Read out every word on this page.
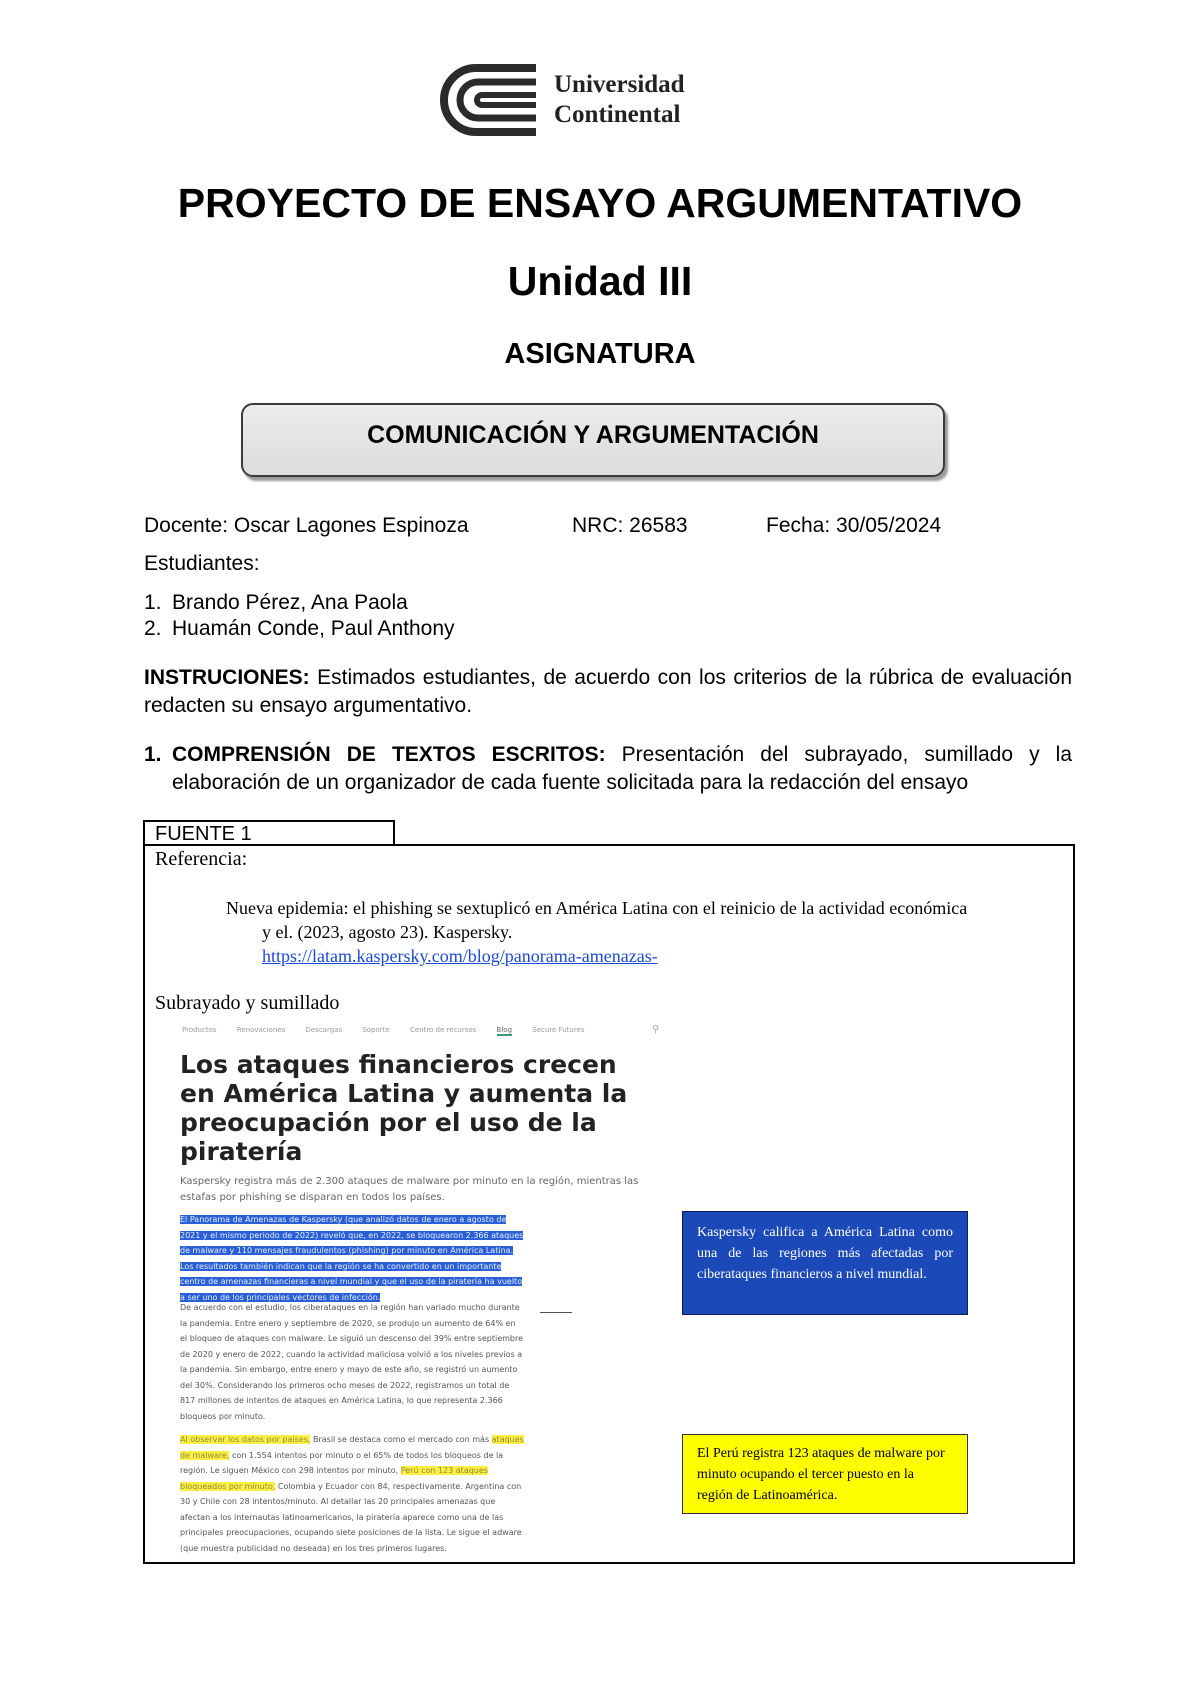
Universidad
Continental
PROYECTO DE ENSAYO ARGUMENTATIVO
Unidad III
ASIGNATURA
COMUNICACIÓN Y ARGUMENTACIÓN
Docente: Oscar Lagones Espinoza	NRC: 26583	Fecha: 30/05/2024
Estudiantes:
1. Brando Pérez, Ana Paola
2. Huamán Conde, Paul Anthony
INSTRUCIONES: Estimados estudiantes, de acuerdo con los criterios de la rúbrica de evaluación redacten su ensayo argumentativo.
1. COMPRENSIÓN DE TEXTOS ESCRITOS: Presentación del subrayado, sumillado y la elaboración de un organizador de cada fuente solicitada para la redacción del ensayo
FUENTE 1
Referencia:
Nueva epidemia: el phishing se sextuplicó en América Latina con el reinicio de la actividad económica
y el. (2023, agosto 23). Kaspersky.
https://latam.kaspersky.com/blog/panorama-amenazas-
Subrayado y sumillado
Productos	Renovaciones	Descargas	Soporte	Centro de recursos	Blog	Secure Futures	⚲
Los ataques financieros crecen en América Latina y aumenta la preocupación por el uso de la piratería
Kaspersky registra más de 2.300 ataques de malware por minuto en la región, mientras las estafas por phishing se disparan en todos los países.
El Panorama de Amenazas de Kaspersky (que analizó datos de enero a agosto de 2021 y el mismo periodo de 2022) reveló que, en 2022, se bloquearon 2.366 ataques de malware y 110 mensajes fraudulentos (phishing) por minuto en América Latina. Los resultados también indican que la región se ha convertido en un importante centro de amenazas financieras a nivel mundial y que el uso de la piratería ha vuelto a ser uno de los principales vectores de infección.
De acuerdo con el estudio, los ciberataques en la región han variado mucho durante la pandemia. Entre enero y septiembre de 2020, se produjo un aumento de 64% en el bloqueo de ataques con malware. Le siguió un descenso del 39% entre septiembre de 2020 y enero de 2022, cuando la actividad maliciosa volvió a los niveles previos a la pandemia. Sin embargo, entre enero y mayo de este año, se registró un aumento del 30%. Considerando los primeros ocho meses de 2022, registramos un total de 817 millones de intentos de ataques en América Latina, lo que representa 2.366 bloqueos por minuto.
Al observar los datos por países, Brasil se destaca como el mercado con más ataques de malware, con 1.554 intentos por minuto o el 65% de todos los bloqueos de la región. Le siguen México con 298 intentos por minuto, Perú con 123 ataques bloqueados por minuto, Colombia y Ecuador con 84, respectivamente. Argentina con 30 y Chile con 28 intentos/minuto. Al detallar las 20 principales amenazas que afectan a los internautas latinoamericanos, la piratería aparece como una de las principales preocupaciones, ocupando siete posiciones de la lista. Le sigue el adware (que muestra publicidad no deseada) en los tres primeros lugares.
Kaspersky califica a América Latina como una de las regiones más afectadas por ciberataques financieros a nivel mundial.
El Perú registra 123 ataques de malware por minuto ocupando el tercer puesto en la región de Latinoamérica.
